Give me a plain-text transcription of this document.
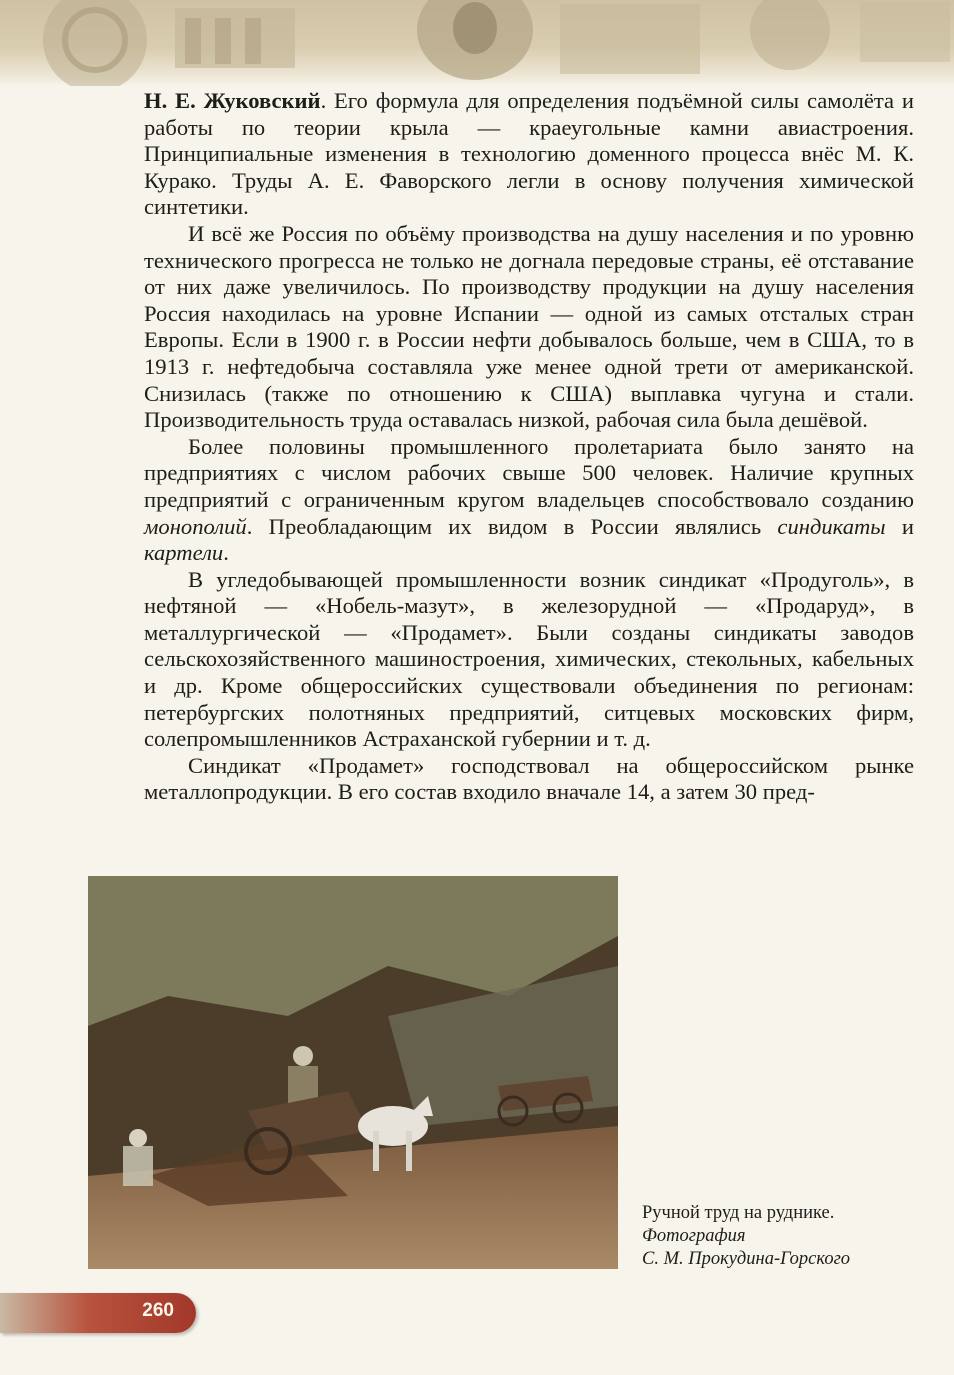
Н. Е. Жуковский. Его формула для определения подъёмной силы самолёта и работы по теории крыла — краеугольные камни авиастроения. Принципиальные изменения в технологию доменного процесса внёс М. К. Курако. Труды А. Е. Фаворского легли в основу получения химической синтетики.

И всё же Россия по объёму производства на душу населения и по уровню технического прогресса не только не догнала передовые страны, её отставание от них даже увеличилось. По производству продукции на душу населения Россия находилась на уровне Испании — одной из самых отсталых стран Европы. Если в 1900 г. в России нефти добывалось больше, чем в США, то в 1913 г. нефтедобыча составляла уже менее одной трети от американской. Снизилась (также по отношению к США) выплавка чугуна и стали. Производительность труда оставалась низкой, рабочая сила была дешёвой.

Более половины промышленного пролетариата было занято на предприятиях с числом рабочих свыше 500 человек. Наличие крупных предприятий с ограниченным кругом владельцев способствовало созданию монополий. Преобладающим их видом в России являлись синдикаты и картели.

В угледобывающей промышленности возник синдикат «Продуголь», в нефтяной — «Нобель-мазут», в железорудной — «Продаруд», в металлургической — «Продамет». Были созданы синдикаты заводов сельскохозяйственного машиностроения, химических, стекольных, кабельных и др. Кроме общероссийских существовали объединения по регионам: петербургских полотняных предприятий, ситцевых московских фирм, солепромышленников Астраханской губернии и т. д.

Синдикат «Продамет» господствовал на общероссийском рынке металлопродукции. В его состав входило вначале 14, а затем 30 пред-

Ручной труд на руднике.
Фотография
С. М. Прокудина-Горского
260
